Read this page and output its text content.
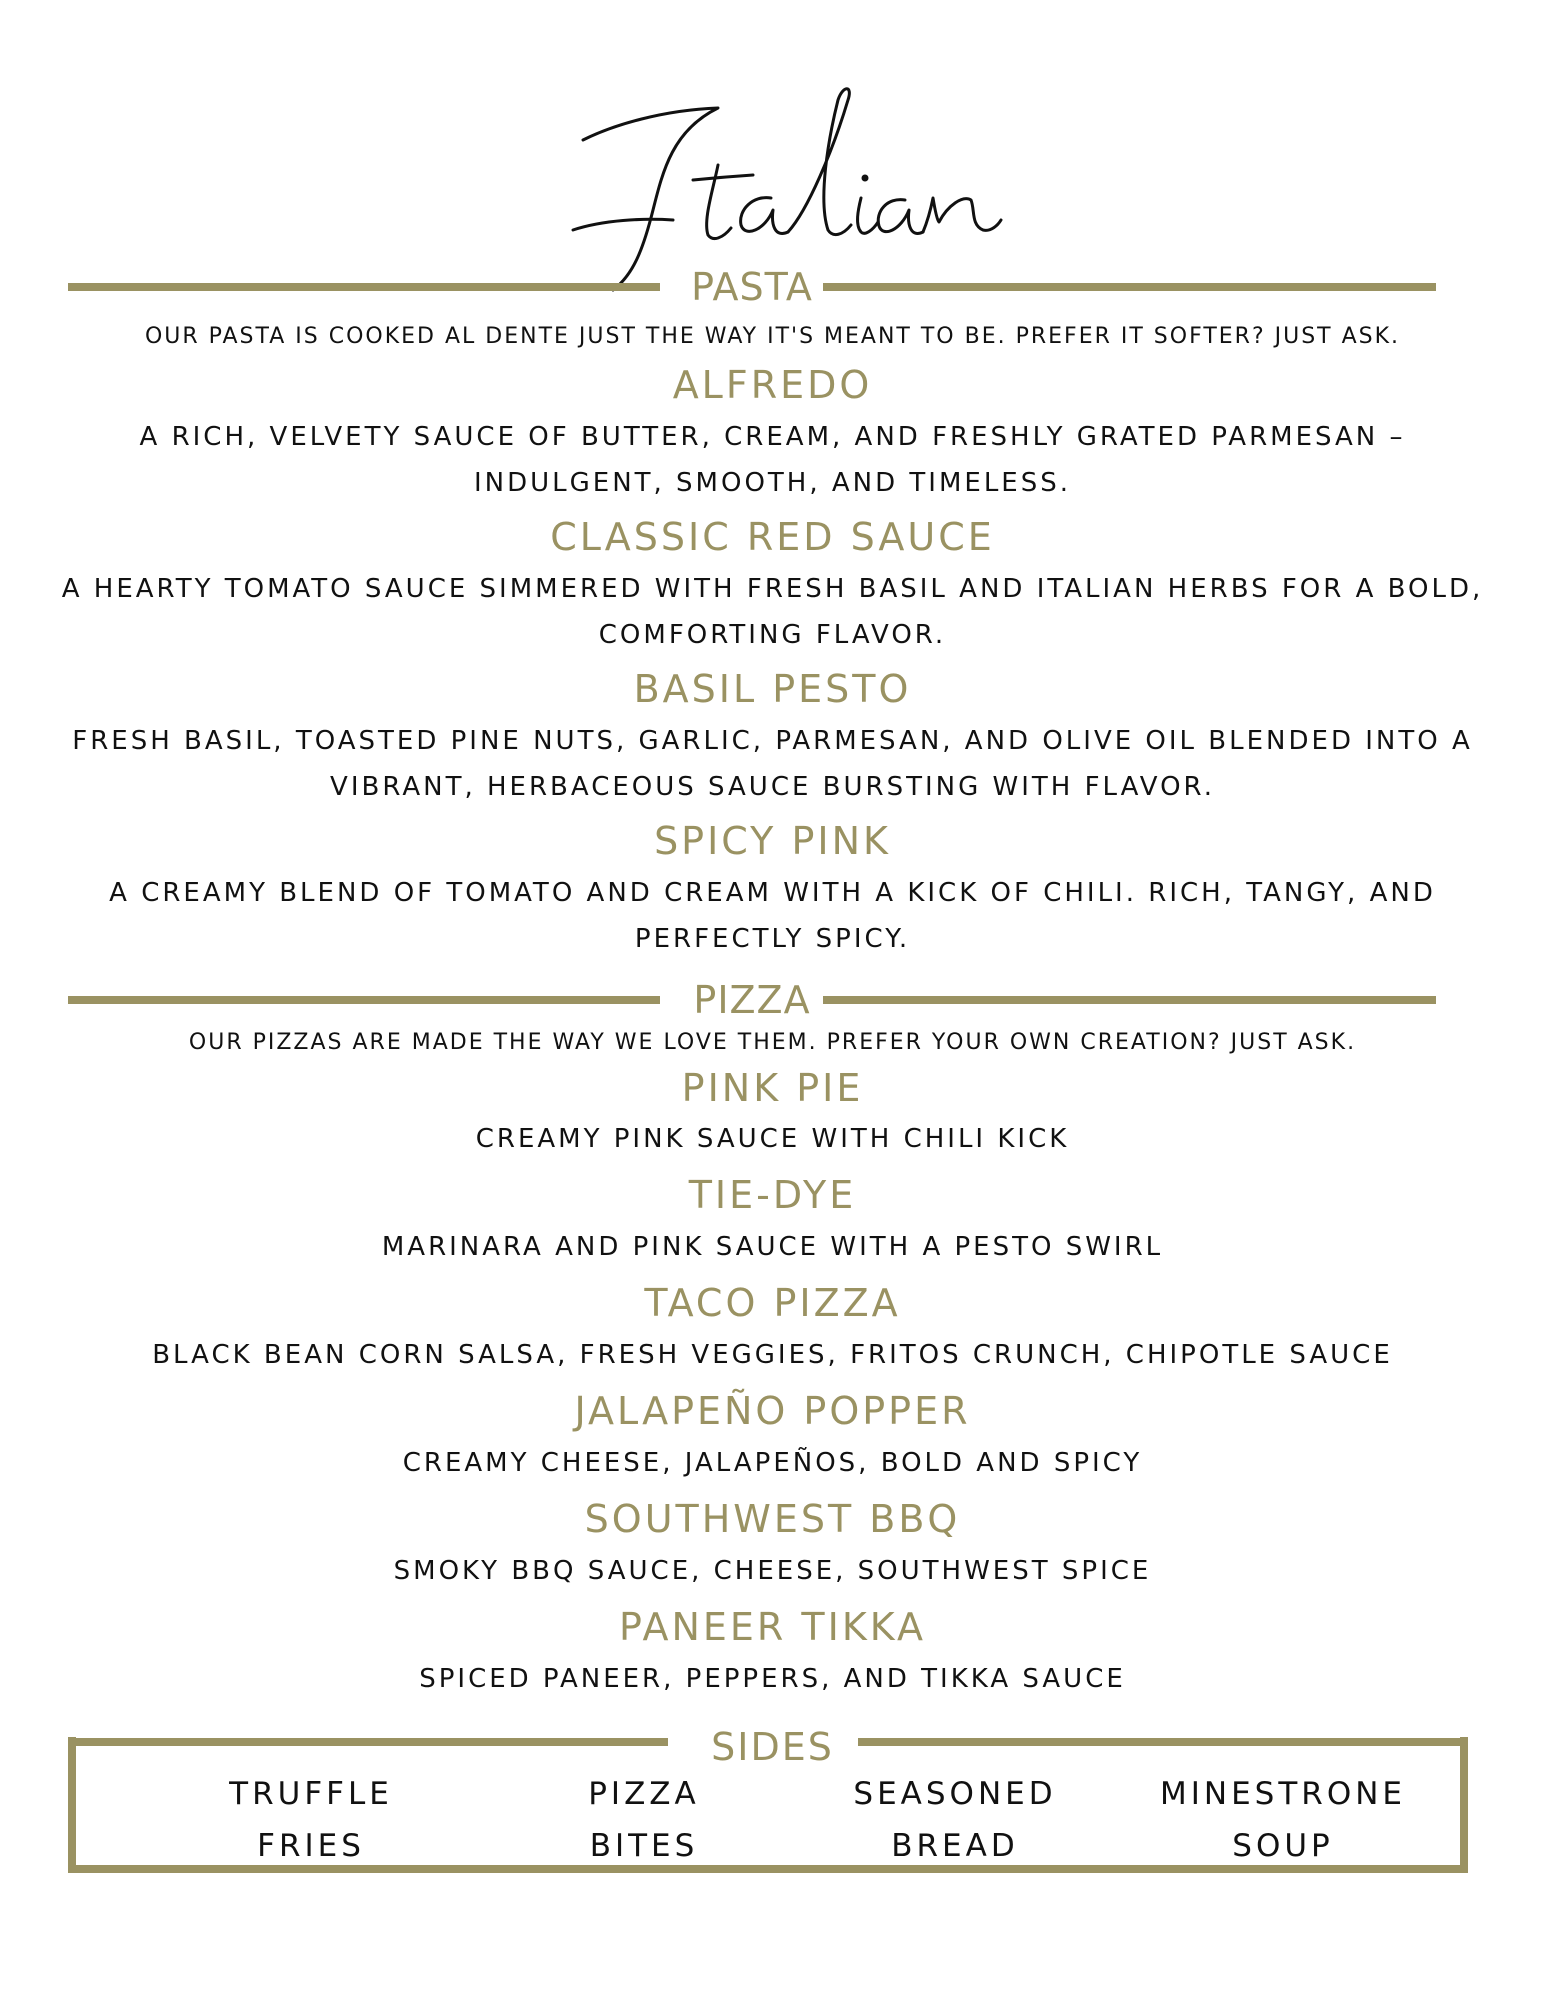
PASTA
OUR PASTA IS COOKED AL DENTE JUST THE WAY IT'S MEANT TO BE. PREFER IT SOFTER? JUST ASK.
ALFREDO
A RICH, VELVETY SAUCE OF BUTTER, CREAM, AND FRESHLY GRATED PARMESAN – INDULGENT, SMOOTH, AND TIMELESS.
CLASSIC RED SAUCE
A HEARTY TOMATO SAUCE SIMMERED WITH FRESH BASIL AND ITALIAN HERBS FOR A BOLD, COMFORTING FLAVOR.
BASIL PESTO
FRESH BASIL, TOASTED PINE NUTS, GARLIC, PARMESAN, AND OLIVE OIL BLENDED INTO A VIBRANT, HERBACEOUS SAUCE BURSTING WITH FLAVOR.
SPICY PINK
A CREAMY BLEND OF TOMATO AND CREAM WITH A KICK OF CHILI. RICH, TANGY, AND PERFECTLY SPICY.
PIZZA
OUR PIZZAS ARE MADE THE WAY WE LOVE THEM. PREFER YOUR OWN CREATION? JUST ASK.
PINK PIE
CREAMY PINK SAUCE WITH CHILI KICK
TIE-DYE
MARINARA AND PINK SAUCE WITH A PESTO SWIRL
TACO PIZZA
BLACK BEAN CORN SALSA, FRESH VEGGIES, FRITOS CRUNCH, CHIPOTLE SAUCE
JALAPEÑO POPPER
CREAMY CHEESE, JALAPEÑOS, BOLD AND SPICY
SOUTHWEST BBQ
SMOKY BBQ SAUCE, CHEESE, SOUTHWEST SPICE
PANEER TIKKA
SPICED PANEER, PEPPERS, AND TIKKA SAUCE
SIDES
TRUFFLE
FRIES
PIZZA
BITES
SEASONED
BREAD
MINESTRONE
SOUP
